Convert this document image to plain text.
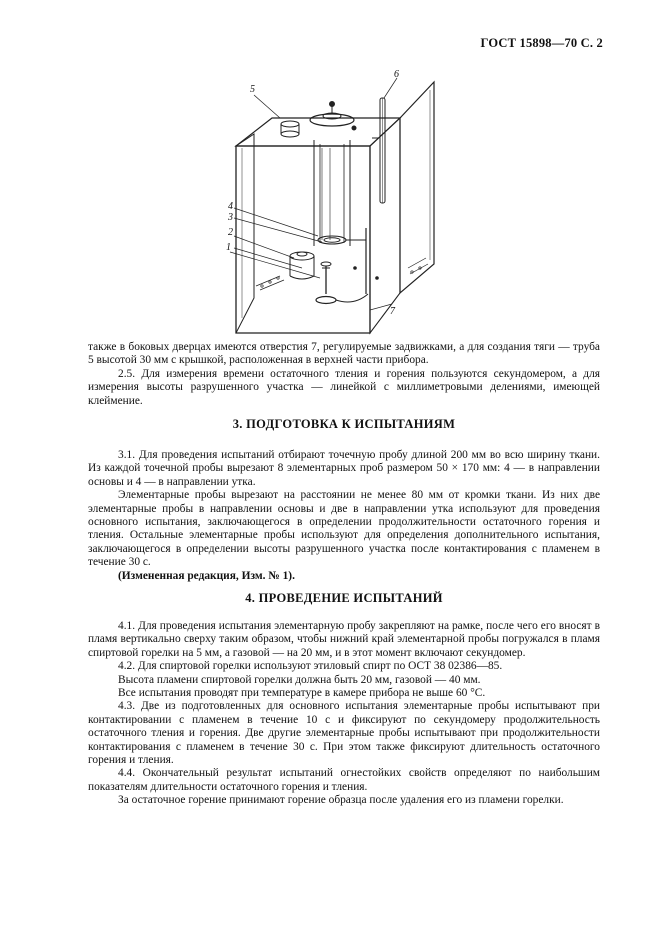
ГОСТ 15898—70 С. 2
5
6
4
3
2
1
7

также в боковых дверцах имеются отверстия 7, регулируемые задвижками, а для создания тяги — труба 5 высотой 30 мм с крышкой, расположенная в верхней части прибора.

2.5. Для измерения времени остаточного тления и горения пользуются секундомером, а для измерения высоты разрушенного участка — линейкой с миллиметровыми делениями, имеющей клеймение.

3. ПОДГОТОВКА К ИСПЫТАНИЯМ

3.1. Для проведения испытаний отбирают точечную пробу длиной 200 мм во всю ширину ткани. Из каждой точечной пробы вырезают 8 элементарных проб размером 50 × 170 мм: 4 — в направлении основы и 4 — в направлении утка.

Элементарные пробы вырезают на расстоянии не менее 80 мм от кромки ткани. Из них две элементарные пробы в направлении основы и две в направлении утка используют для проведения основного испытания, заключающегося в определении продолжительности остаточного горения и тления. Остальные элементарные пробы используют для определения дополнительного испытания, заключающегося в определении высоты разрушенного участка после контактирования с пламенем в течение 30 с.

(Измененная редакция, Изм. № 1).

4. ПРОВЕДЕНИЕ ИСПЫТАНИЙ

4.1. Для проведения испытания элементарную пробу закрепляют на рамке, после чего его вносят в пламя вертикально сверху таким образом, чтобы нижний край элементарной пробы погружался в пламя спиртовой горелки на 5 мм, а газовой — на 20 мм, и в этот момент включают секундомер.

4.2. Для спиртовой горелки используют этиловый спирт по ОСТ 38 02386—85.

Высота пламени спиртовой горелки должна быть 20 мм, газовой — 40 мм.

Все испытания проводят при температуре в камере прибора не выше 60 °С.

4.3. Две из подготовленных для основного испытания элементарные пробы испытывают при контактировании с пламенем в течение 10 с и фиксируют по секундомеру продолжительность остаточного тления и горения. Две другие элементарные пробы испытывают при продолжительности контактирования с пламенем в течение 30 с. При этом также фиксируют длительность остаточного горения и тления.

4.4. Окончательный результат испытаний огнестойких свойств определяют по наибольшим показателям длительности остаточного горения и тления.

За остаточное горение принимают горение образца после удаления его из пламени горелки.
